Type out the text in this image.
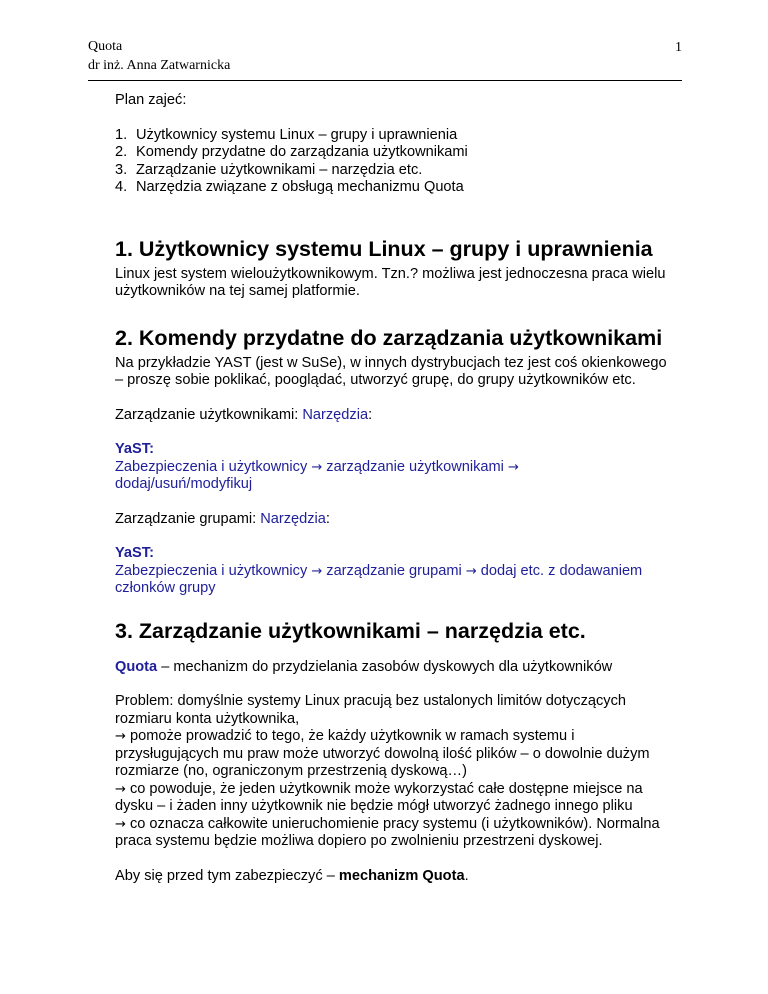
Quota
dr inż. Anna Zatwarnicka
1

Plan zajeć:

1. Użytkownicy systemu Linux – grupy i uprawnienia
2. Komendy przydatne do zarządzania użytkownikami
3. Zarządzanie użytkownikami – narzędzia etc.
4. Narzędzia związane z obsługą mechanizmu Quota
1. Użytkownicy systemu Linux – grupy i uprawnienia

Linux jest system wieloużytkownikowym. Tzn.? możliwa jest jednoczesna praca wielu użytkowników na tej samej platformie.

2. Komendy przydatne do zarządzania użytkownikami

Na przykładzie YAST (jest w SuSe), w innych dystrybucjach tez jest coś okienkowego – proszę sobie poklikać, pooglądać, utworzyć grupę, do grupy użytkowników etc.

Zarządzanie użytkownikami: Narzędzia:

YaST:
Zabezpieczenia i użytkownicy → zarządzanie użytkownikami →
dodaj/usuń/modyfikuj

Zarządzanie grupami: Narzędzia:

YaST:
Zabezpieczenia i użytkownicy → zarządzanie grupami → dodaj etc. z dodawaniem członków grupy

3. Zarządzanie użytkownikami – narzędzia etc.

Quota – mechanizm do przydzielania zasobów dyskowych dla użytkowników

Problem: domyślnie systemy Linux pracują bez ustalonych limitów dotyczących rozmiaru konta użytkownika,
→ pomoże prowadzić to tego, że każdy użytkownik w ramach systemu i przysługujących mu praw może utworzyć dowolną ilość plików – o dowolnie dużym rozmiarze (no, ograniczonym przestrzenią dyskową…)
→ co powoduje, że jeden użytkownik może wykorzystać całe dostępne miejsce na dysku – i żaden inny użytkownik nie będzie mógł utworzyć żadnego innego pliku
→ co oznacza całkowite unieruchomienie pracy systemu (i użytkowników). Normalna praca systemu będzie możliwa dopiero po zwolnieniu przestrzeni dyskowej.

Aby się przed tym zabezpieczyć – mechanizm Quota.
